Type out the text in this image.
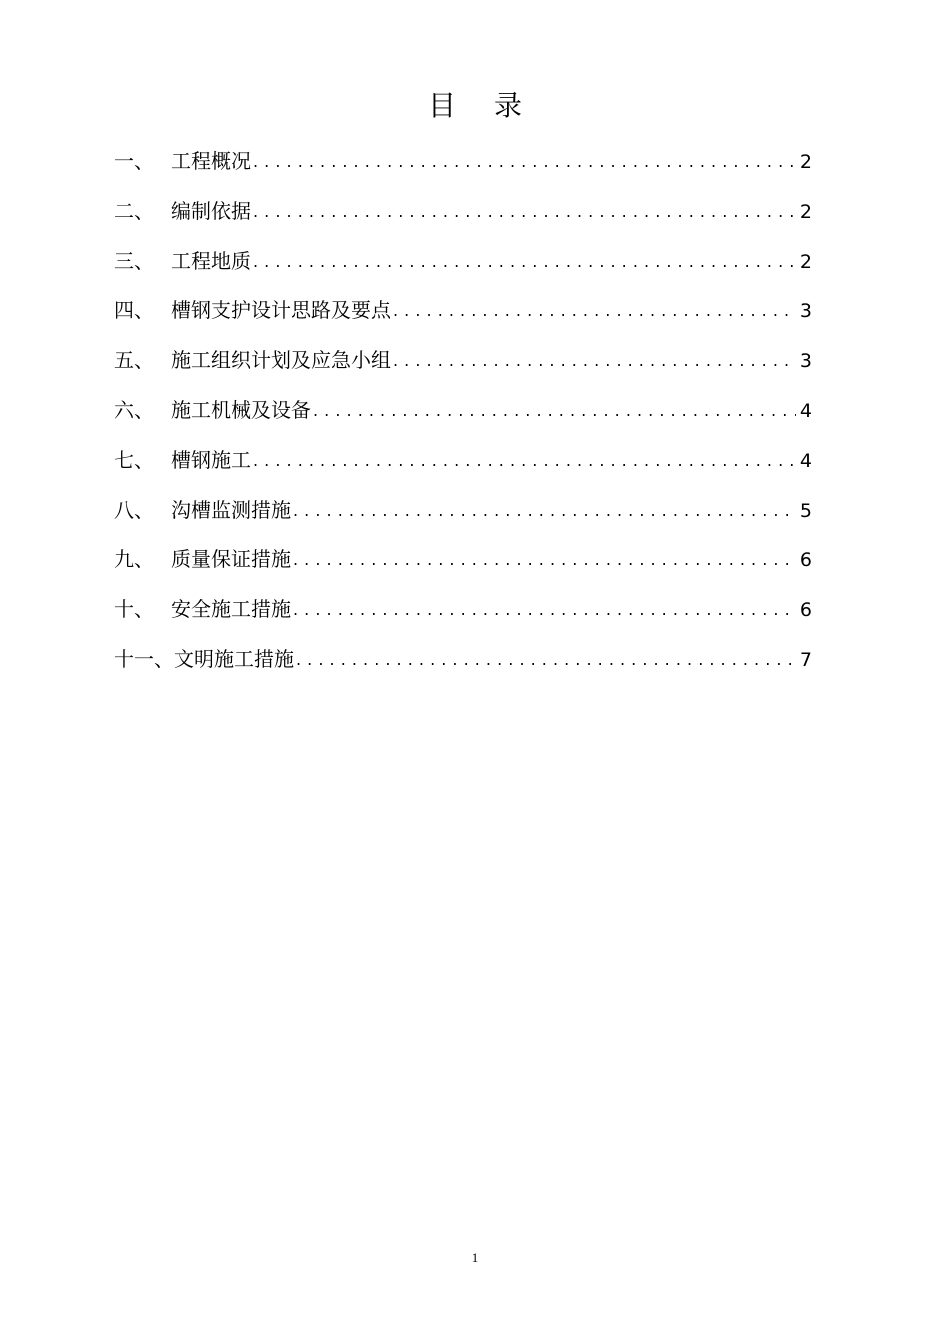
目 录
一、 工程概况 . . .	2
二、 编制依据 . . .	2
三、 工程地质 . . .	2
四、 槽钢支护设计思路及要点 . . .	3
五、 施工组织计划及应急小组 . . .	3
六、 施工机械及设备 . . .	4
七、 槽钢施工 . . .	4
八、 沟槽监测措施 . . .	5
九、 质量保证措施 . . .	6
十、 安全施工措施 . . .	6
十一、 文明施工措施 . . .	7
1
